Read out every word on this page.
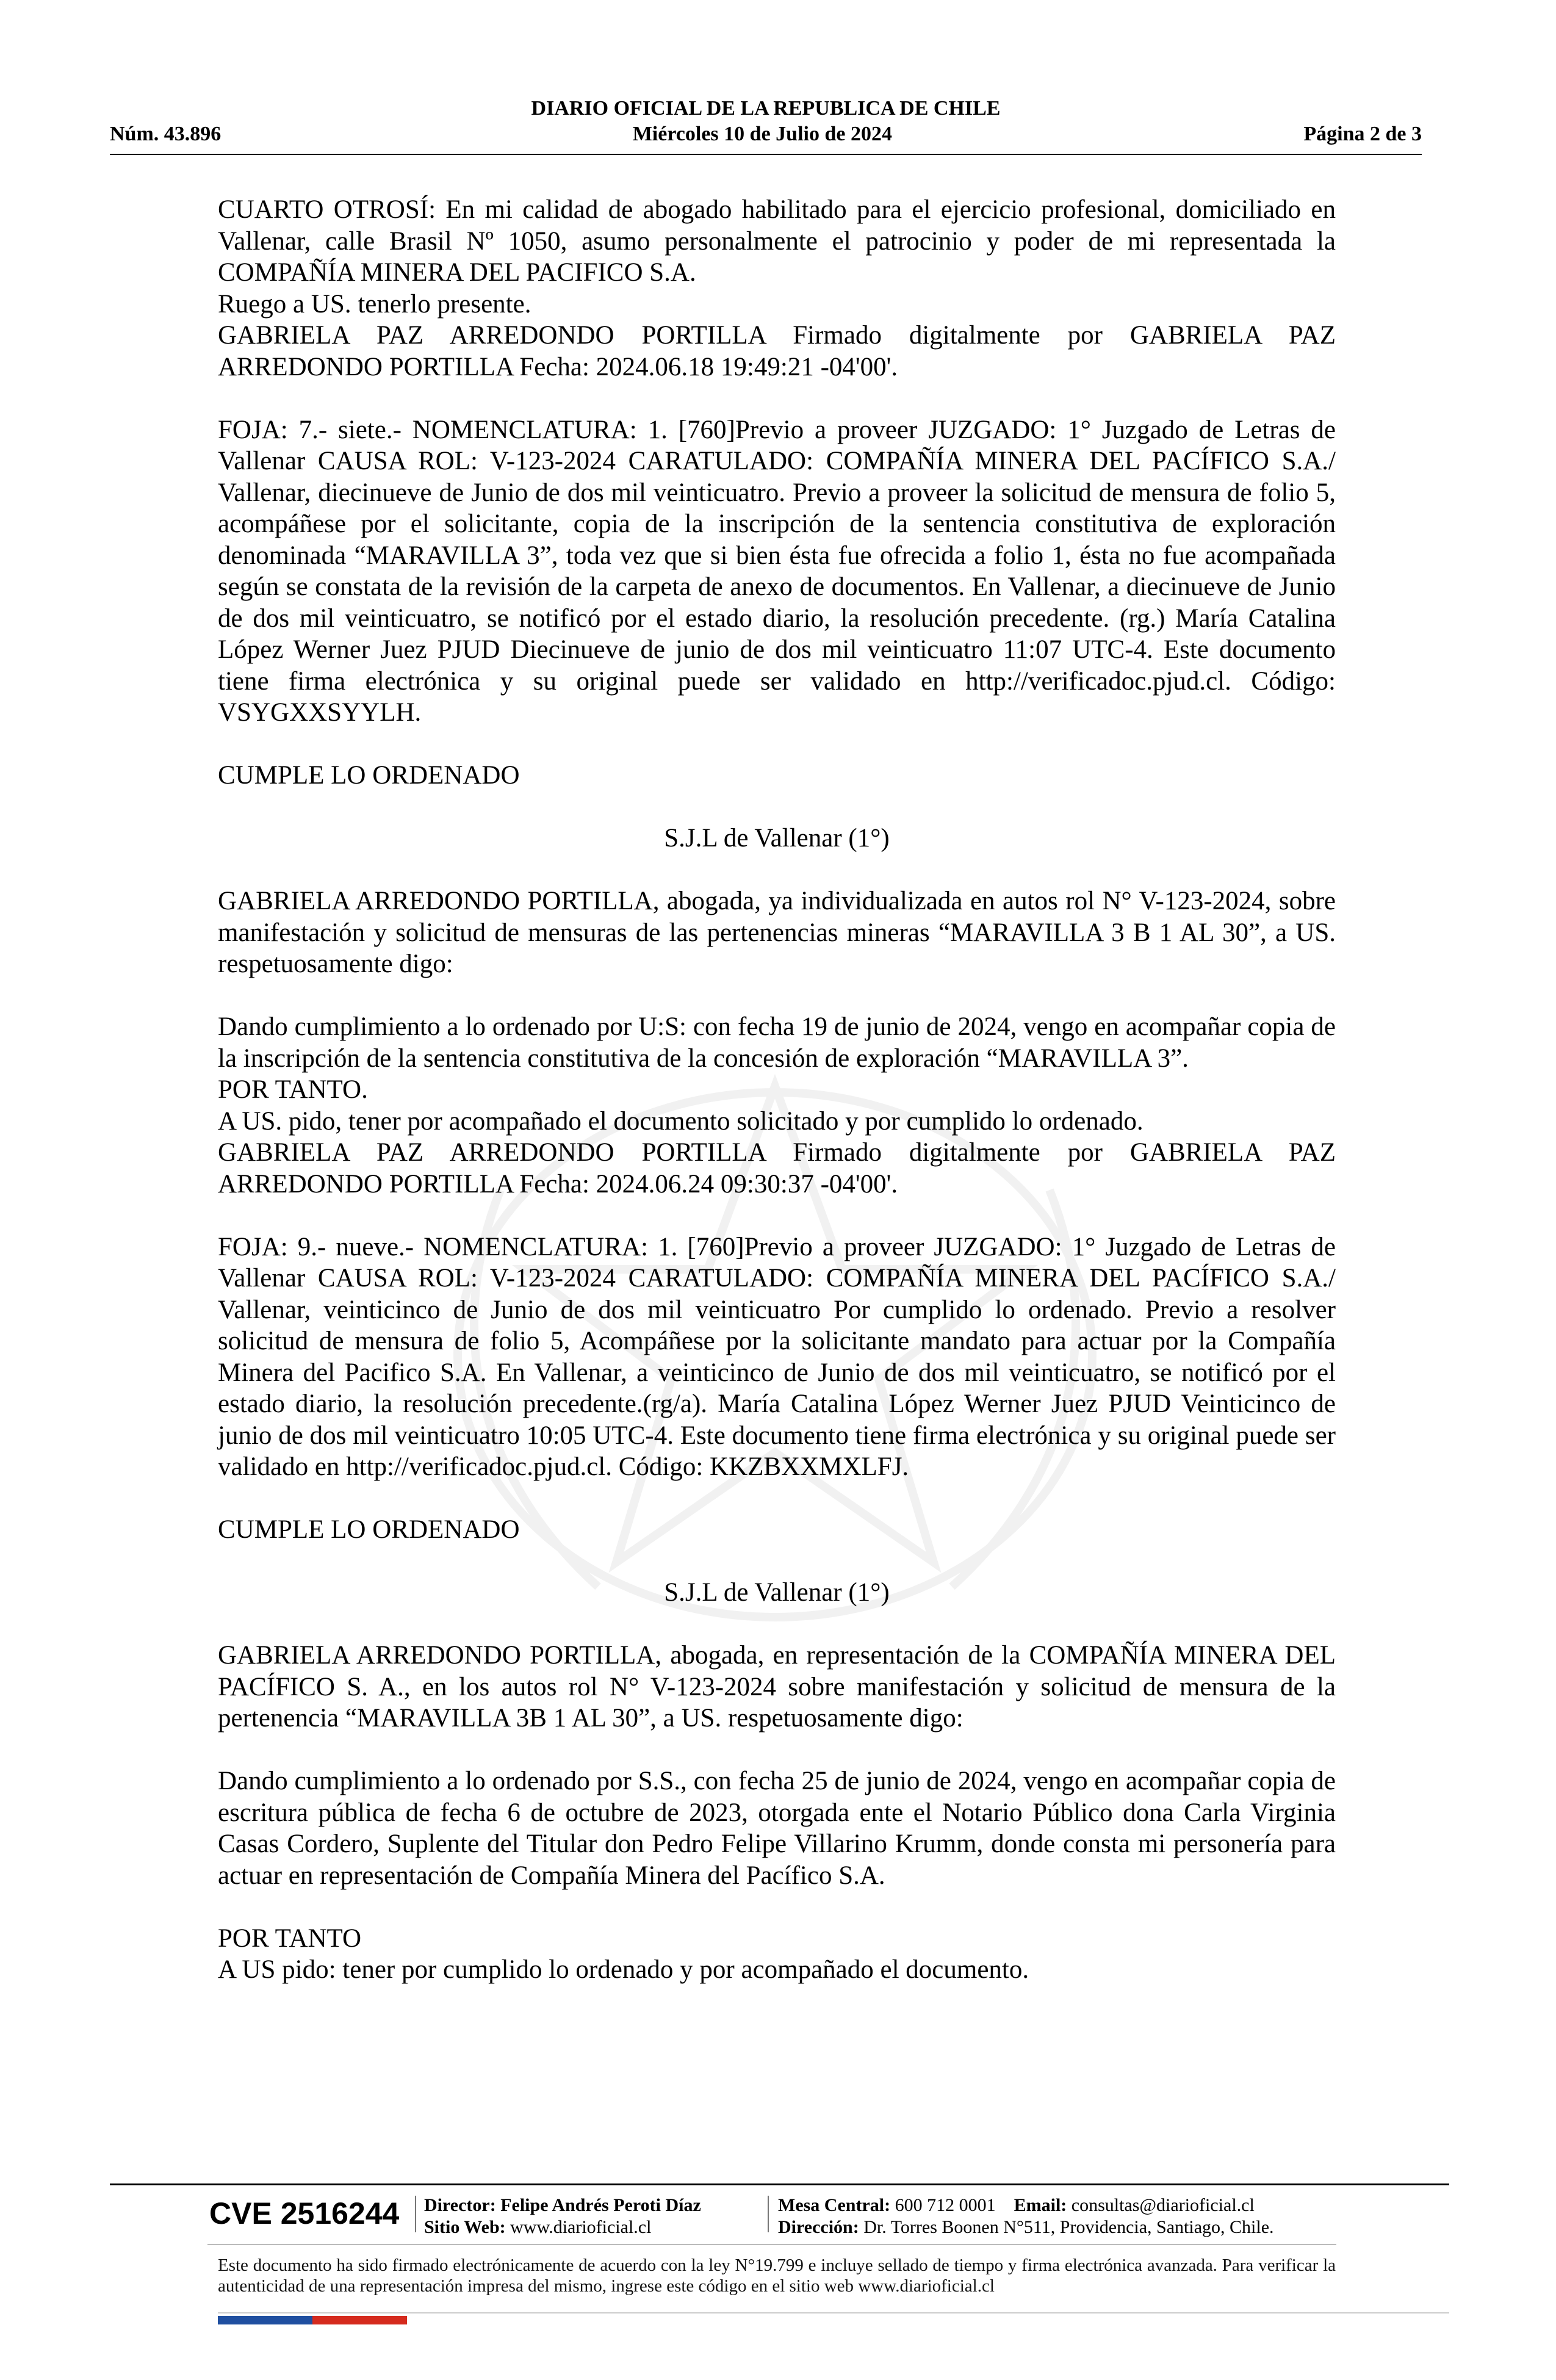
DIARIO OFICIAL DE LA REPUBLICA DE CHILE
Núm. 43.896	Miércoles 10 de Julio de 2024	Página 2 de 3

CUARTO OTROSÍ: En mi calidad de abogado habilitado para el ejercicio profesional, domiciliado en Vallenar, calle Brasil Nº 1050, asumo personalmente el patrocinio y poder de mi representada la COMPAÑÍA MINERA DEL PACIFICO S.A.

Ruego a US. tenerlo presente.

GABRIELA PAZ ARREDONDO PORTILLA Firmado digitalmente por GABRIELA PAZ ARREDONDO PORTILLA Fecha: 2024.06.18 19:49:21 -04'00'.

FOJA: 7.- siete.- NOMENCLATURA: 1. [760]Previo a proveer JUZGADO: 1° Juzgado de Letras de Vallenar CAUSA ROL: V-123-2024 CARATULADO: COMPAÑÍA MINERA DEL PACÍFICO S.A./ Vallenar, diecinueve de Junio de dos mil veinticuatro. Previo a proveer la solicitud de mensura de folio 5, acompáñese por el solicitante, copia de la inscripción de la sentencia constitutiva de exploración denominada “MARAVILLA 3”, toda vez que si bien ésta fue ofrecida a folio 1, ésta no fue acompañada según se constata de la revisión de la carpeta de anexo de documentos. En Vallenar, a diecinueve de Junio de dos mil veinticuatro, se notificó por el estado diario, la resolución precedente. (rg.) María Catalina López Werner Juez PJUD Diecinueve de junio de dos mil veinticuatro 11:07 UTC-4. Este documento tiene firma electrónica y su original puede ser validado en http://verificadoc.pjud.cl. Código: VSYGXXSYYLH.

CUMPLE LO ORDENADO

S.J.L de Vallenar (1°)

GABRIELA ARREDONDO PORTILLA, abogada, ya individualizada en autos rol N° V-123-2024, sobre manifestación y solicitud de mensuras de las pertenencias mineras “MARAVILLA 3 B 1 AL 30”, a US. respetuosamente digo:

Dando cumplimiento a lo ordenado por U:S: con fecha 19 de junio de 2024, vengo en acompañar copia de la inscripción de la sentencia constitutiva de la concesión de exploración “MARAVILLA 3”.

POR TANTO.

A US. pido, tener por acompañado el documento solicitado y por cumplido lo ordenado.

GABRIELA PAZ ARREDONDO PORTILLA Firmado digitalmente por GABRIELA PAZ ARREDONDO PORTILLA Fecha: 2024.06.24 09:30:37 -04'00'.

FOJA: 9.- nueve.- NOMENCLATURA: 1. [760]Previo a proveer JUZGADO: 1° Juzgado de Letras de Vallenar CAUSA ROL: V-123-2024 CARATULADO: COMPAÑÍA MINERA DEL PACÍFICO S.A./ Vallenar, veinticinco de Junio de dos mil veinticuatro Por cumplido lo ordenado. Previo a resolver solicitud de mensura de folio 5, Acompáñese por la solicitante mandato para actuar por la Compañía Minera del Pacifico S.A. En Vallenar, a veinticinco de Junio de dos mil veinticuatro, se notificó por el estado diario, la resolución precedente.(rg/a). María Catalina López Werner Juez PJUD Veinticinco de junio de dos mil veinticuatro 10:05 UTC-4. Este documento tiene firma electrónica y su original puede ser validado en http://verificadoc.pjud.cl. Código: KKZBXXMXLFJ.

CUMPLE LO ORDENADO

S.J.L de Vallenar (1°)

GABRIELA ARREDONDO PORTILLA, abogada, en representación de la COMPAÑÍA MINERA DEL PACÍFICO S. A., en los autos rol N° V-123-2024 sobre manifestación y solicitud de mensura de la pertenencia “MARAVILLA 3B 1 AL 30”, a US. respetuosamente digo:

Dando cumplimiento a lo ordenado por S.S., con fecha 25 de junio de 2024, vengo en acompañar copia de escritura pública de fecha 6 de octubre de 2023, otorgada ente el Notario Público dona Carla Virginia Casas Cordero, Suplente del Titular don Pedro Felipe Villarino Krumm, donde consta mi personería para actuar en representación de Compañía Minera del Pacífico S.A.

POR TANTO

A US pido: tener por cumplido lo ordenado y por acompañado el documento.

CVE 2516244	Director: Felipe Andrés Peroti Díaz
Sitio Web: www.diarioficial.cl
Mesa Central: 600 712 0001 Email: consultas@diarioficial.cl
Dirección: Dr. Torres Boonen N°511, Providencia, Santiago, Chile.
Este documento ha sido firmado electrónicamente de acuerdo con la ley N°19.799 e incluye sellado de tiempo y firma electrónica avanzada. Para verificar la autenticidad de una representación impresa del mismo, ingrese este código en el sitio web www.diarioficial.cl
